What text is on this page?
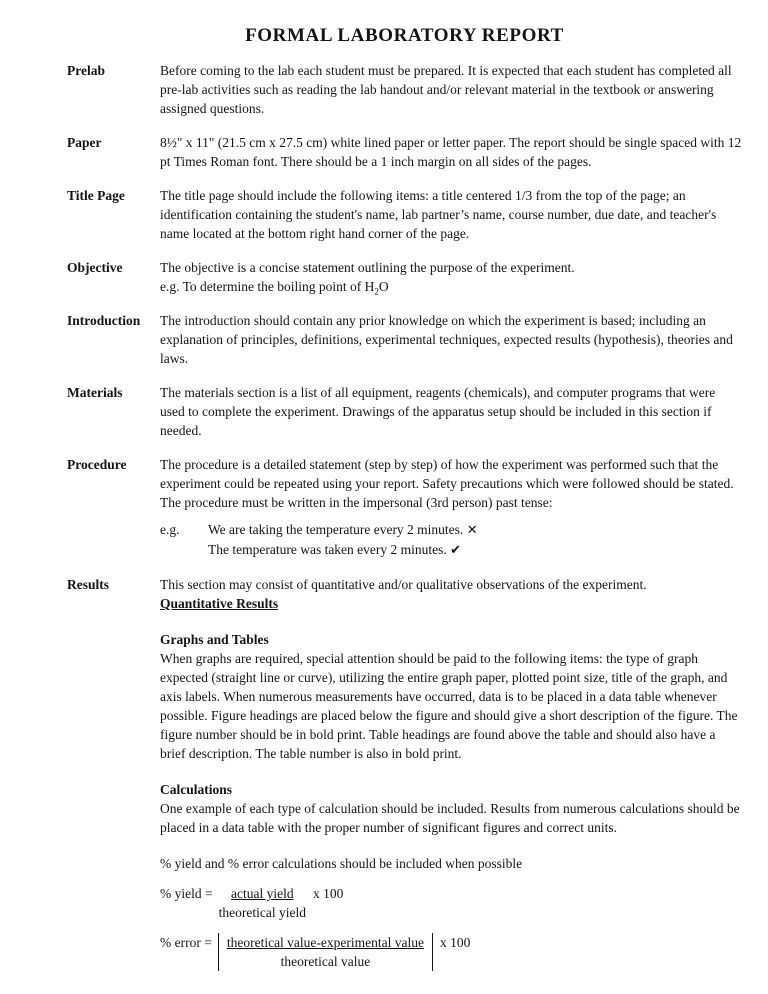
FORMAL LABORATORY REPORT
Prelab	Before coming to the lab each student must be prepared. It is expected that each student has completed all pre-lab activities such as reading the lab handout and/or relevant material in the textbook or answering assigned questions.
Paper	8½" x 11" (21.5 cm x 27.5 cm) white lined paper or letter paper. The report should be single spaced with 12 pt Times Roman font. There should be a 1 inch margin on all sides of the pages.
Title Page	The title page should include the following items: a title centered 1/3 from the top of the page; an identification containing the student's name, lab partner’s name, course number, due date, and teacher's name located at the bottom right hand corner of the page.
Objective	The objective is a concise statement outlining the purpose of the experiment.
e.g. To determine the boiling point of $H_2O$
Introduction	The introduction should contain any prior knowledge on which the experiment is based; including an explanation of principles, definitions, experimental techniques, expected results (hypothesis), theories and laws.
Materials	The materials section is a list of all equipment, reagents (chemicals), and computer programs that were used to complete the experiment. Drawings of the apparatus setup should be included in this section if needed.
Procedure	The procedure is a detailed statement (step by step) of how the experiment was performed such that the experiment could be repeated using your report. Safety precautions which were followed should be stated. The procedure must be written in the impersonal (3rd person) past tense:
e.g.	We are taking the temperature every 2 minutes. ✕
The temperature was taken every 2 minutes. ✔
Results	This section may consist of quantitative and/or qualitative observations of the experiment.
Quantitative Results
Graphs and Tables
When graphs are required, special attention should be paid to the following items: the type of graph expected (straight line or curve), utilizing the entire graph paper, plotted point size, title of the graph, and axis labels. When numerous measurements have occurred, data is to be placed in a data table whenever possible. Figure headings are placed below the figure and should give a short description of the figure. The figure number should be in bold print. Table headings are found above the table and should also have a brief description. The table number is also in bold print.
Calculations
One example of each type of calculation should be included. Results from numerous calculations should be placed in a data table with the proper number of significant figures and correct units.
% yield and % error calculations should be included when possible
% yield = $\frac{\text{actual yield}}{\text{theoretical yield}}$ x 100
% error = $\frac{\text{theoretical value-experimental value}}{\text{theoretical value}}$ x 100
